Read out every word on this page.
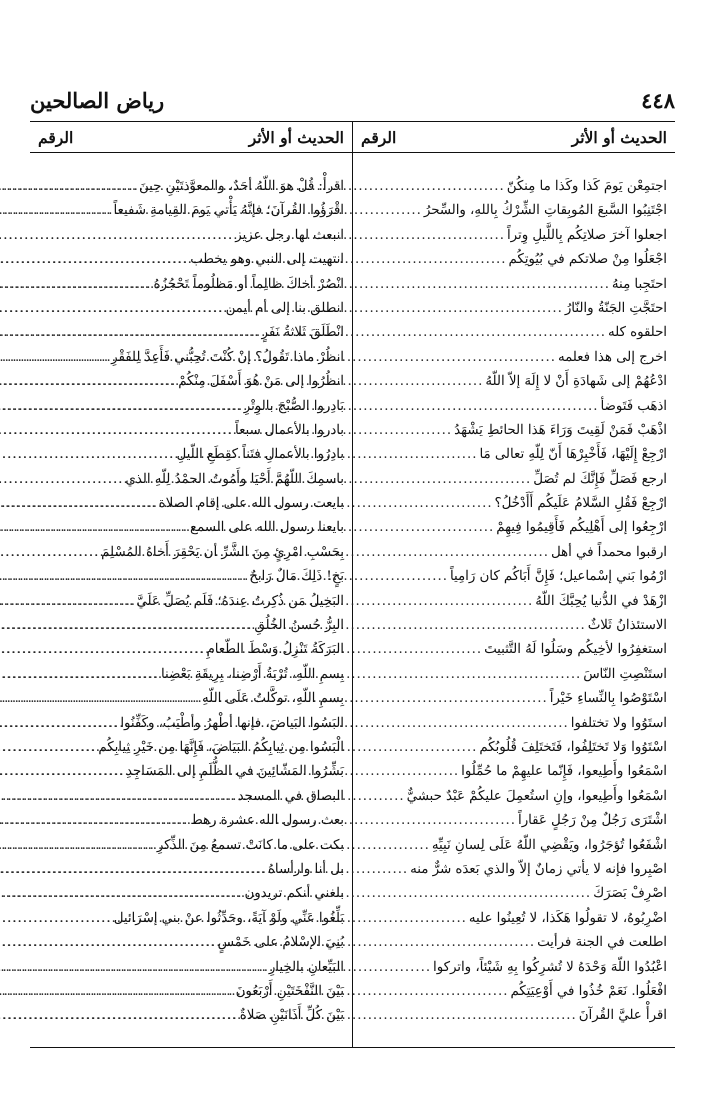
٤٤٨
رياض الصالحين
الحديث أو الأثر
الرقم
اجتمِعْن يَومَ كَذا وكَذا ما مِنكُنّ
.....
اجْتَنِبُوا السَّبعَ المُوبِقاتِ الشِّرْكُ بِاللهِ، والسِّحرُ
.....
اجعلوا آخرَ صلاتِكُم بِاللَّيلِ وِتراً
.....
اجْعَلُوا مِنْ صلاتكم في بُيُوتِكُم
.....
احتَجِبا مِنهُ
.....
احتَجَّتِ الجَنّةُ والنّارُ
.....
احلقوه كله
.....
اخرج إلى هذا فعلمه
.....
ادْعُهُمْ إلى شَهادَةِ أَنْ لا إِلَهَ إلاّ اللّهُ
.....
اذهَب فَتَوضأ
.....
اذْهَبْ فَمَنْ لَقِيتَ وَرَاءَ هَذا الحائطِ يَشْهَدُ
.....
ارْجِعْ إِلَيْهَا، فَأَخْبِرْهَا أَنّ لِلّهِ تعالى مَا
.....
ارجع فَصَلِّ فَإِنَّكَ لم تُصَلِّ
.....
ارْجِعْ فَقُلِ السَّلامُ عَلَيكُم أَأَدْخُلُ؟
.....
ارْجِعُوا إلى أَهْلِيكُم فَأَقِيمُوا فِيهِمْ
.....
ارقبوا محمداً في أهل
.....
ارْمُوا بَني إسْماعيل؛ فَإِنَّ أَبَاكُم كان رَامِياً
.....
ازْهَدْ في الدُّنيا يُحِبَّكَ اللّهُ
.....
الاستئذانُ ثَلاثٌ
.....
استغفِرُوا لأخِيكُم وسَلُوا لَهُ التَّثبيتَ
.....
استَنْصِتِ النّاسَ
.....
اسْتَوْصُوا بِالنِّساءِ خَيْراً
.....
استَوُوا ولا تختلفوا
.....
اسْتَوُوا وَلا تَختَلِفُوا، فَتَختَلِفَ قُلُوبُكُم
.....
اسْمَعُوا وأَطِيعوا، فَإِنّما عليهِمْ ما حُمِّلُوا
.....
اسْمَعُوا وأَطِيعوا، وإنِ استُعمِلَ عليكُمْ عَبْدٌ حبشيٌّ
.....
اشْتَرَى رَجُلٌ مِنْ رَجُلٍ عَقاراً
.....
اشْفَعُوا تُؤجَرُوا، ويَقْضِي اللّهُ عَلَى لِسانِ نَبِيِّهِ
.....
اصْبِروا فإنه لا يأتي زمانٌ إلاّ والذي بَعدَه شرٌّ منه
.....
اصْرِفْ بَصَرَكَ
.....
اضْرِبُوهُ، لا تقولُوا هَكَذا، لا تُعِينُوا عليه
.....
اطلعت في الجنة فرأيت
.....
اعْبُدُوا اللّهَ وَحْدَهُ لا تُشرِكُوا بِهِ شَيْئاً، واتركوا
.....
افْعَلُوا. نَعَمْ خُذُوا في أَوْعِيَتِكُم
.....
اقرأْ عليَّ القُرآنَ
.....
الحديث أو الأثر
الرقم
اقرأْ: قُلْ هوَ اللّهُ أحَدٌ، والمعوَّذتَيْنِ حِينَ
.....
اقْرَؤُوا القُرآنَ؛ فإنَّهُ يَأْتي يَومَ القِيامةِ شَفيعاً
.....
انبعث لها رجل عزيز
.....
انتهيت إلى النبي وهو يخطب
.....
انْصُرْ أخاكَ ظالِماً أو مَظلُوماً تَحْجُزُهُ
.....
انطلق بنا إلى أم أيمن
.....
انْطَلَقَ ثَلاثةُ نَفَرٍ
.....
انظُرْ ماذا تَقُولُ؟ إنْ كُنْتَ تُحِبُّني فَأَعِدَّ لِلفَقْرِ
.....
انظُرُوا إلى مَنْ هُوَ أَسْفَلَ مِنْكُمْ
.....
بَادِروا الصُّبْحَ بالوِتْرِ
.....
بادروا بالأعمال سبعاً
.....
بادِرُوا بالأعمالِ فتَناً كقِطَعِ اللّيلِ
.....
باسمِكَ اللّهُمَّ أَحْيَا وأَمُوتُ الحمْدُ لِلّهِ الذي
.....
بايعت رسول الله على إقام الصلاة
.....
بايعنا رسول الله على السمع
.....
بِحَسْبِ امْرِئٍ مِنَ الشَّرِّ أن يَحْقِرَ أَخاهُ المُسْلِمَ
.....
بَخٍ! ذَلِكَ مَالٌ رَابحٌ
.....
البَخِيلُ مَن ذُكِرتُ عِندَهُ؛ فَلَم يُصَلِّ عَلَيَّ
.....
البِرُّ حُسنُ الخُلُقِ
.....
البَرَكَةُ تَنْزِلُ وَسْطَ الطّعامِ
.....
بِسمِ اللّهِ، تُرْبَةُ أَرْضِنا، بِرِيقَةِ بَعْضِنا
.....
بِسمِ اللّهِ، توكَّلتُ عَلَى اللّهِ
.....
البَسُوا البَياضَ، فإنها أطْهرُ وأطْيَبُ، وكَفِّنُوا
.....
الْبَسُوا مِن ثِيابِكُمُ البَيَاضَ، فَإِنَّهَا مِن خَيْرِ ثِيابِكُم
.....
بَشِّرُوا المَشّائِينَ في الظُّلَمِ إلى المَسَاجِدِ
.....
البصاق في المسجد
.....
بعث رسول الله عشرة رهط
.....
بكت على ما كانَتْ تسمعُ مِنَ الذِّكرِ
.....
بل أنا وارأساهُ
.....
بلغني أنكم تريدون
.....
بَلِّغُوا عَنِّي ولَوْ آيَةً، وحَدِّثُوا عنْ بني إسْرَائيل
.....
بُنِيَ الإسْلامُ على خَمْسٍ
.....
البَيِّعانِ بالخِيارِ
.....
بَيْنَ النَّفْخَتَيْنِ أَرْبَعُونَ
.....
بَيْنَ كُلِّ أَذَانَيْنِ صَلاةٌ
.....
